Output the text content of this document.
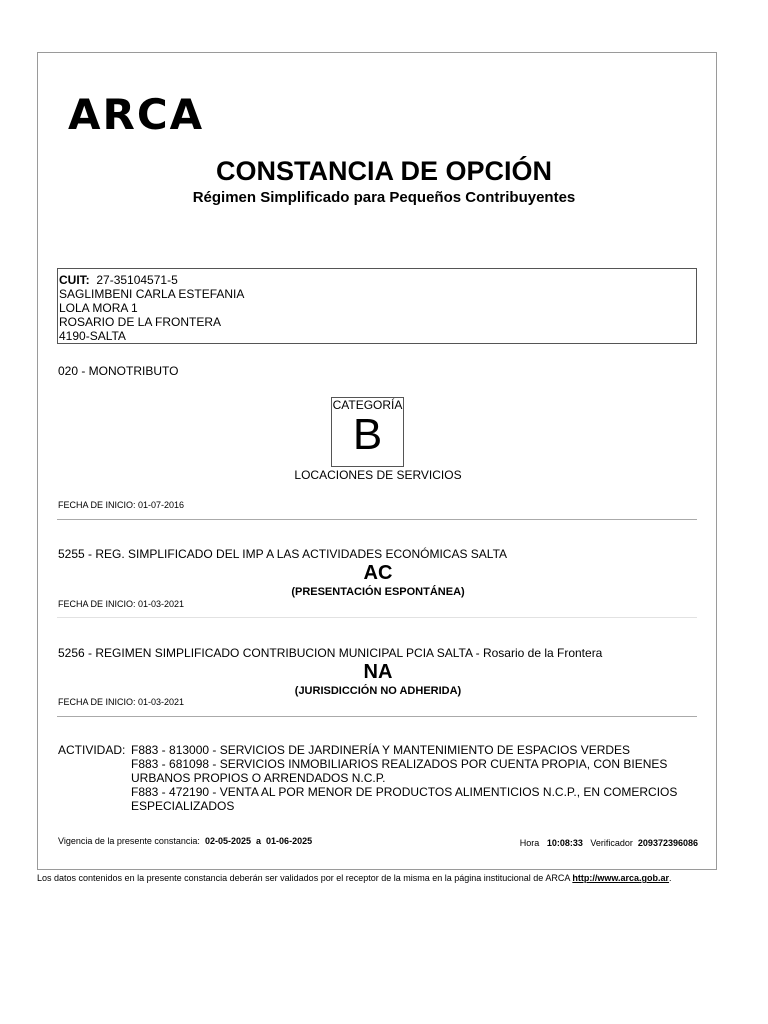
ARCA
CONSTANCIA DE OPCIÓN
Régimen Simplificado para Pequeños Contribuyentes
CUIT: 27-35104571-5
SAGLIMBENI CARLA ESTEFANIA
LOLA MORA 1
ROSARIO DE LA FRONTERA
4190-SALTA
020 - MONOTRIBUTO
CATEGORÍA
B
LOCACIONES DE SERVICIOS
FECHA DE INICIO: 01-07-2016
5255 - REG. SIMPLIFICADO DEL IMP A LAS ACTIVIDADES ECONÓMICAS SALTA
AC
(PRESENTACIÓN ESPONTÁNEA)
FECHA DE INICIO: 01-03-2021
5256 - REGIMEN SIMPLIFICADO CONTRIBUCION MUNICIPAL PCIA SALTA - Rosario de la Frontera
NA
(JURISDICCIÓN NO ADHERIDA)
FECHA DE INICIO: 01-03-2021
ACTIVIDAD: F883 - 813000 - SERVICIOS DE JARDINERÍA Y MANTENIMIENTO DE ESPACIOS VERDES
F883 - 681098 - SERVICIOS INMOBILIARIOS REALIZADOS POR CUENTA PROPIA, CON BIENES URBANOS PROPIOS O ARRENDADOS N.C.P.
F883 - 472190 - VENTA AL POR MENOR DE PRODUCTOS ALIMENTICIOS N.C.P., EN COMERCIOS ESPECIALIZADOS
Vigencia de la presente constancia: 02-05-2025 a 01-06-2025	Hora 10:08:33 Verificador 209372396086
Los datos contenidos en la presente constancia deberán ser validados por el receptor de la misma en la página institucional de ARCA http://www.arca.gob.ar.
